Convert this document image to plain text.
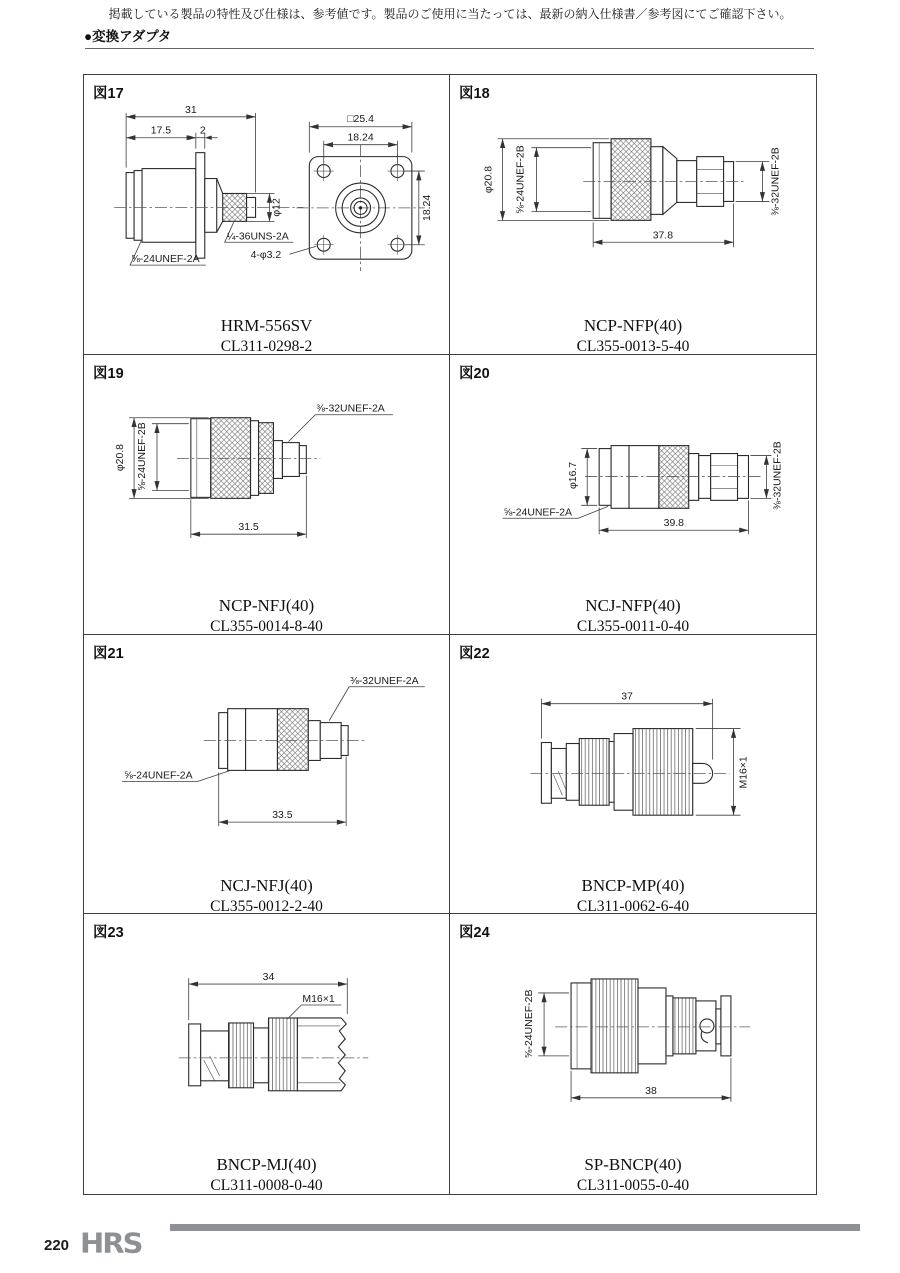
掲載している製品の特性及び仕様は、参考値です。製品のご使用に当たっては、最新の納入仕様書／参考図にてご確認下さい。
●変換アダプタ
図17
31
17.5	2
φ12
¼-36UNS-2A
⅝-24UNEF-2A	4-φ3.2
□25.4
18.24
18.24
HRM-556SV
CL311-0298-2
図18
φ20.8 ⅝-24UNEF-2B	⅜-32UNEF-2B
37.8
NCP-NFP(40)
CL355-0013-5-40
図19
φ20.8 ⅝-24UNEF-2B
⅜-32UNEF-2A
31.5
NCP-NFJ(40)
CL355-0014-8-40
図20
φ16.7
⅝-24UNEF-2A
⅜-32UNEF-2B
39.8
NCJ-NFP(40)
CL355-0011-0-40
図21
⅜-32UNEF-2A
⅝-24UNEF-2A
33.5
NCJ-NFJ(40)
CL355-0012-2-40
図22
37
M16×1
BNCP-MP(40)
CL311-0062-6-40
図23
34
M16×1
BNCP-MJ(40)
CL311-0008-0-40
図24
⅝-24UNEF-2B
38
SP-BNCP(40)
CL311-0055-0-40
220 HRS
